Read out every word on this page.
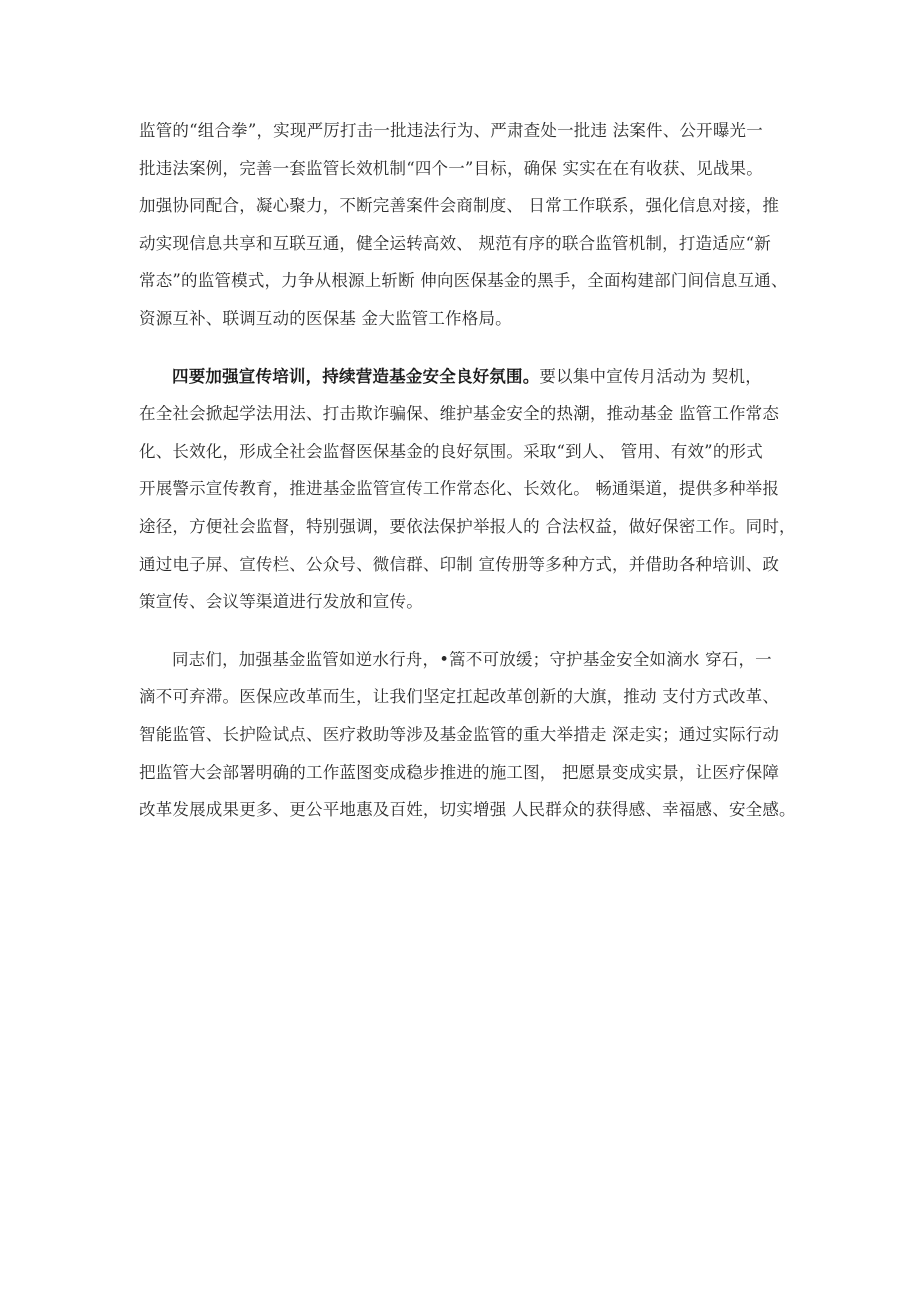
监管的“组合拳”，实现严厉打击一批违法行为、严肃查处一批违 法案件、公开曝光一
批违法案例，完善一套监管长效机制“四个一”目标，确保 实实在在有收获、见战果。
加强协同配合，凝心聚力，不断完善案件会商制度、 日常工作联系，强化信息对接，推
动实现信息共享和互联互通，健全运转高效、 规范有序的联合监管机制，打造适应“新
常态”的监管模式，力争从根源上斩断 伸向医保基金的黑手，全面构建部门间信息互通、
资源互补、联调互动的医保基 金大监管工作格局。
四要加强宣传培训，持续营造基金安全良好氛围。要以集中宣传月活动为 契机，
在全社会掀起学法用法、打击欺诈骗保、维护基金安全的热潮，推动基金 监管工作常态
化、长效化，形成全社会监督医保基金的良好氛围。采取“到人、 管用、有效”的形式
开展警示宣传教育，推进基金监管宣传工作常态化、长效化。 畅通渠道，提供多种举报
途径，方便社会监督，特别强调，要依法保护举报人的 合法权益，做好保密工作。同时，
通过电子屏、宣传栏、公众号、微信群、印制 宣传册等多种方式，并借助各种培训、政
策宣传、会议等渠道进行发放和宣传。
同志们，加强基金监管如逆水行舟，•篙不可放缓；守护基金安全如滴水 穿石，一
滴不可弃滞。医保应改革而生，让我们坚定扛起改革创新的大旗，推动 支付方式改革、
智能监管、长护险试点、医疗救助等涉及基金监管的重大举措走 深走实；通过实际行动
把监管大会部署明确的工作蓝图变成稳步推进的施工图， 把愿景变成实景，让医疗保障
改革发展成果更多、更公平地惠及百姓，切实增强 人民群众的获得感、幸福感、安全感。
